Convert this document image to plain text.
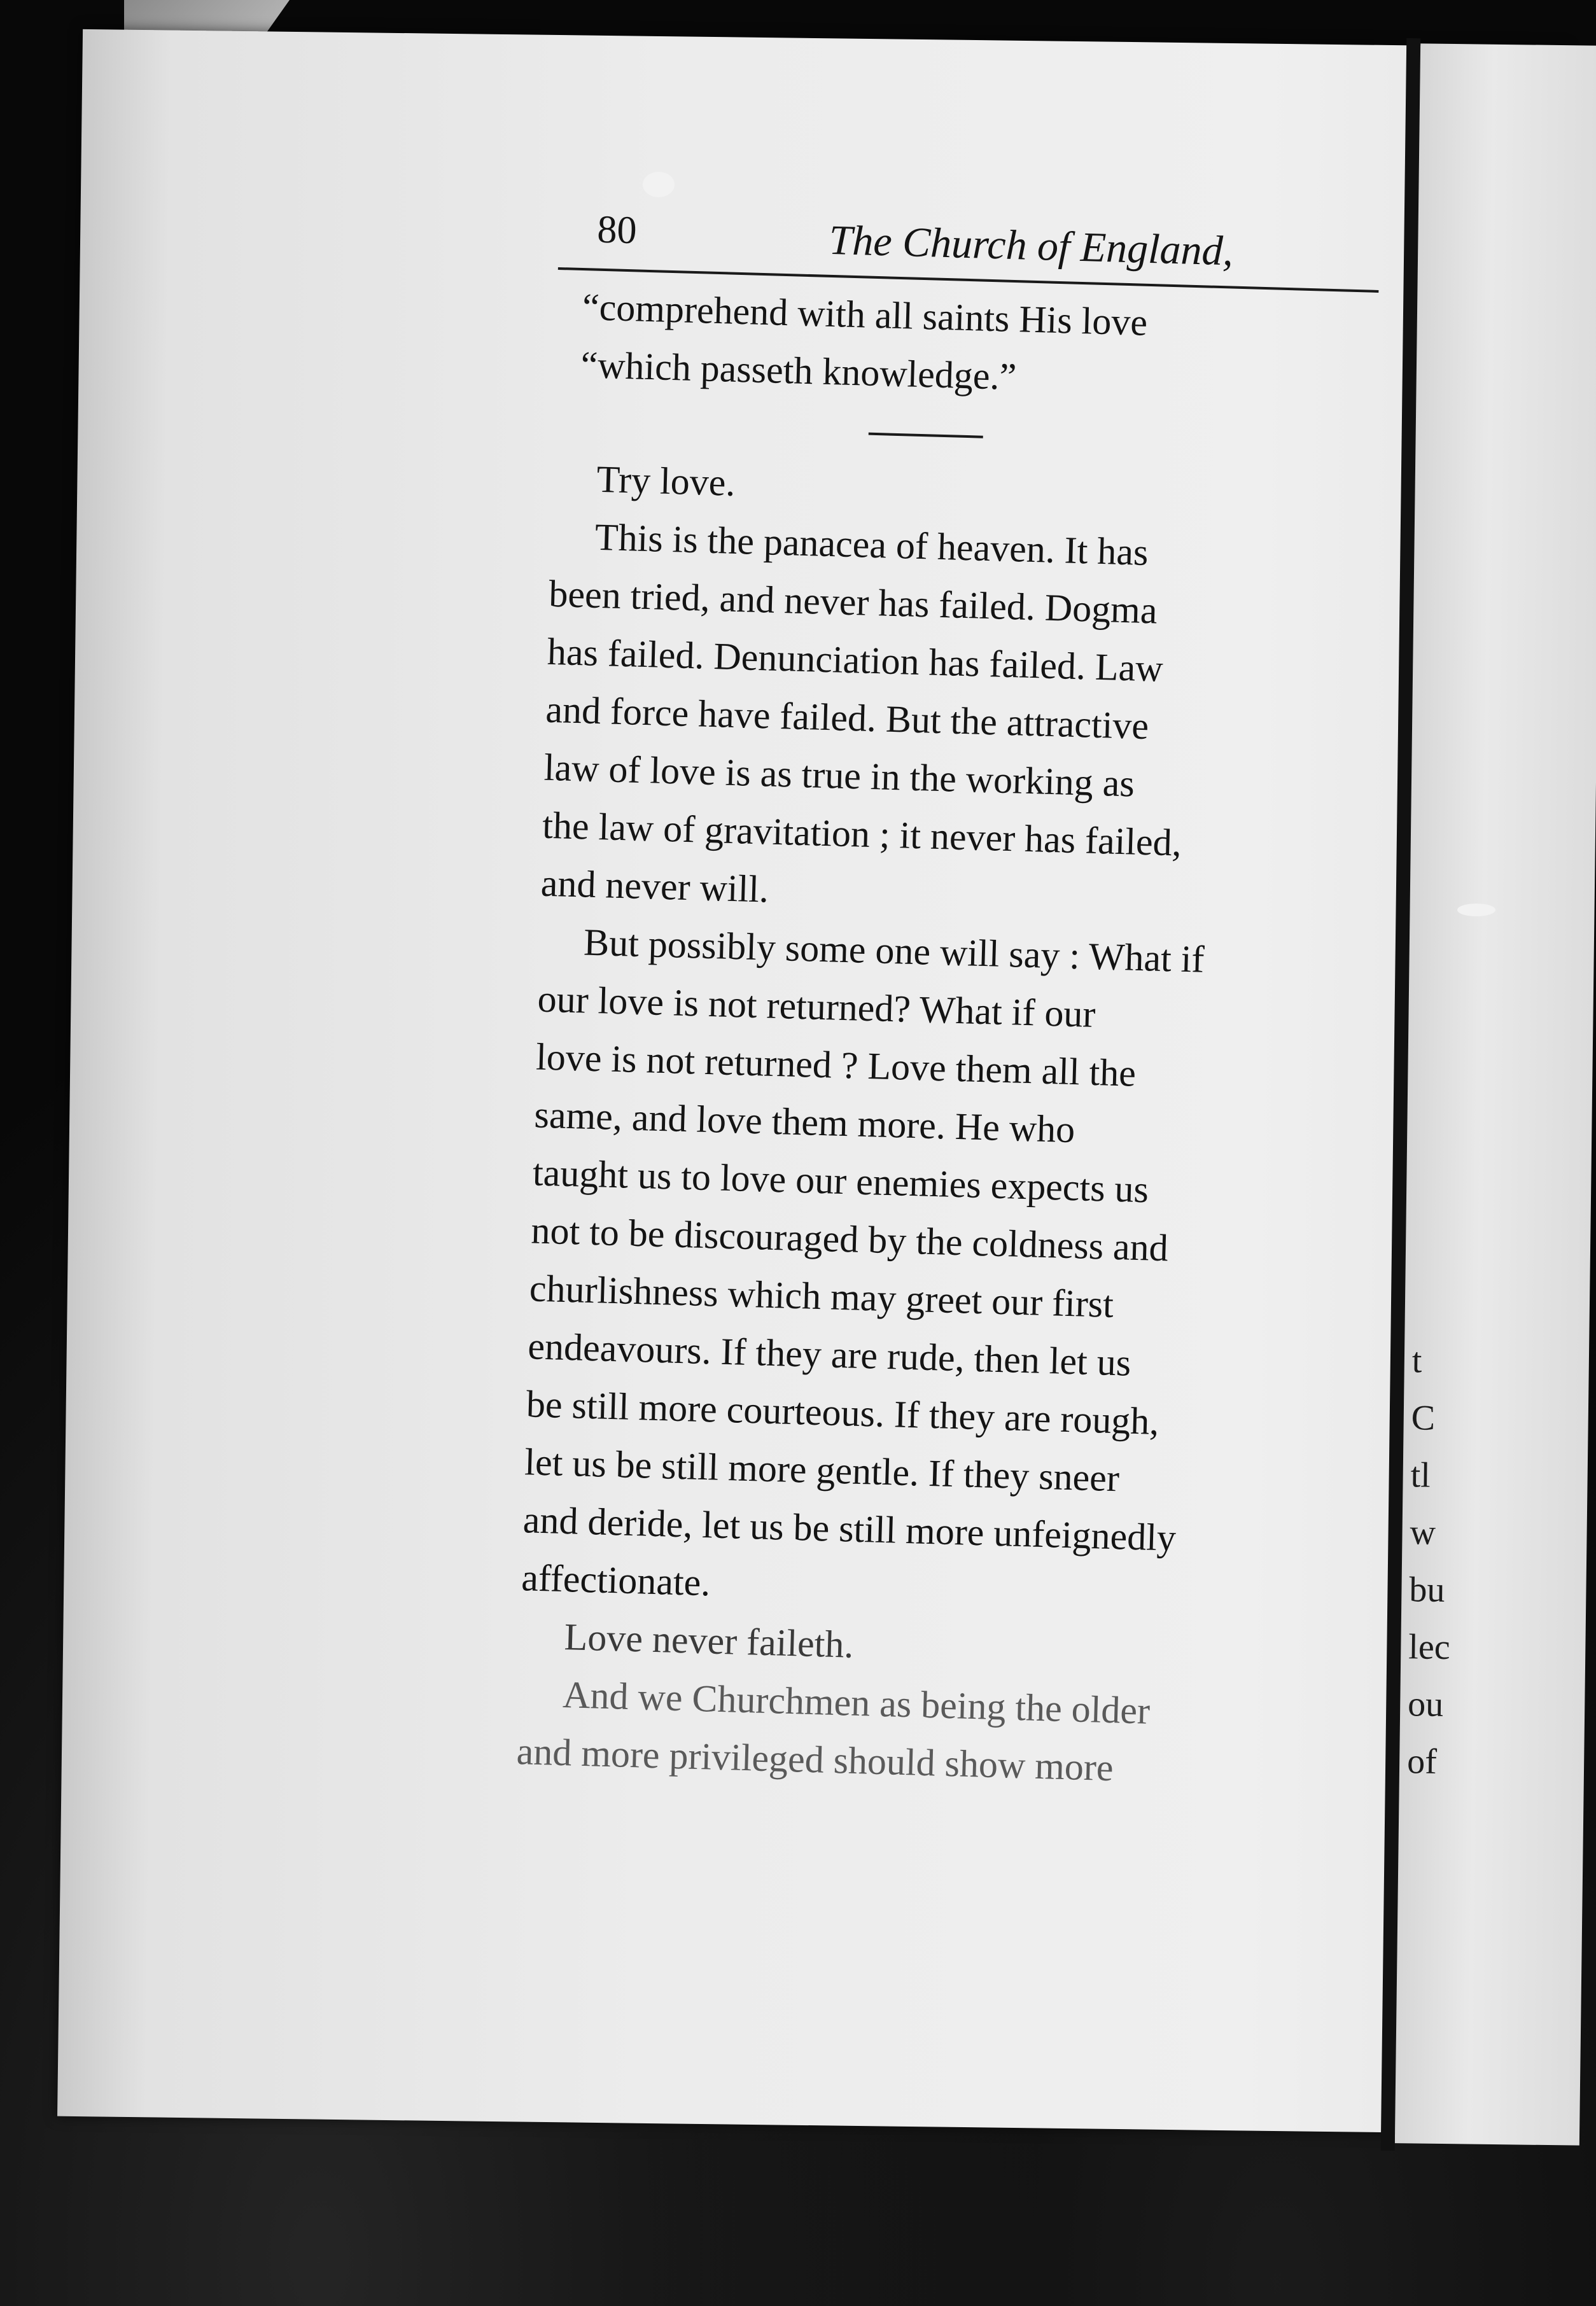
t
C
tl
w
bu
lec
ou
of
80	The Church of England,

“comprehend with all saints His love

“which passeth knowledge.”

Try love.

This is the panacea of heaven. It has

been tried, and never has failed. Dogma

has failed. Denunciation has failed. Law

and force have failed. But the attractive

law of love is as true in the working as

the law of gravitation ; it never has failed,

and never will.

But possibly some one will say : What if

our love is not returned? What if our

love is not returned ? Love them all the

same, and love them more. He who

taught us to love our enemies expects us

not to be discouraged by the coldness and

churlishness which may greet our first

endeavours. If they are rude, then let us

be still more courteous. If they are rough,

let us be still more gentle. If they sneer

and deride, let us be still more unfeignedly

affectionate.

Love never faileth.

And we Churchmen as being the older

and more privileged should show more
